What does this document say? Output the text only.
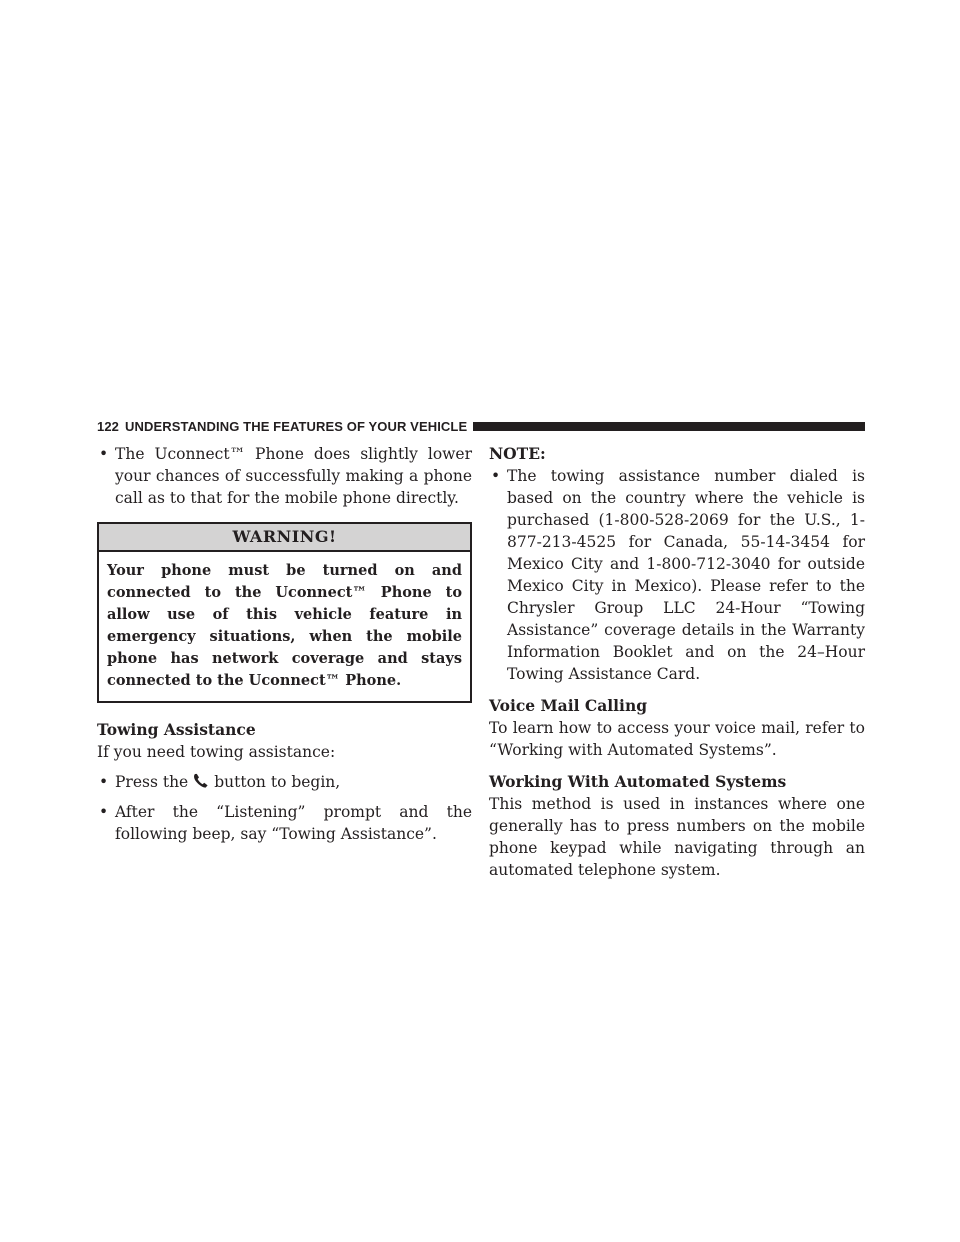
122 UNDERSTANDING THE FEATURES OF YOUR VEHICLE

• The Uconnect™ Phone does slightly lower your chances of successfully making a phone call as to that for the mobile phone directly.

WARNING!
Your phone must be turned on and connected to the Uconnect™ Phone to allow use of this vehicle feature in emergency situations, when the mobile phone has network coverage and stays connected to the Uconnect™ Phone.

Towing Assistance

If you need towing assistance:

• Press the button to begin,

• After the “Listening” prompt and the following beep, say “Towing Assistance”.

NOTE:

• The towing assistance number dialed is based on the country where the vehicle is purchased (1-800-528-2069 for the U.S., 1-877-213-4525 for Canada, 55-14-3454 for Mexico City and 1-800-712-3040 for outside Mexico City in Mexico). Please refer to the Chrysler Group LLC 24-Hour “Towing Assistance” coverage details in the Warranty Information Booklet and on the 24–Hour Towing Assistance Card.

Voice Mail Calling

To learn how to access your voice mail, refer to “Working with Automated Systems”.

Working With Automated Systems

This method is used in instances where one generally has to press numbers on the mobile phone keypad while navigating through an automated telephone system.
